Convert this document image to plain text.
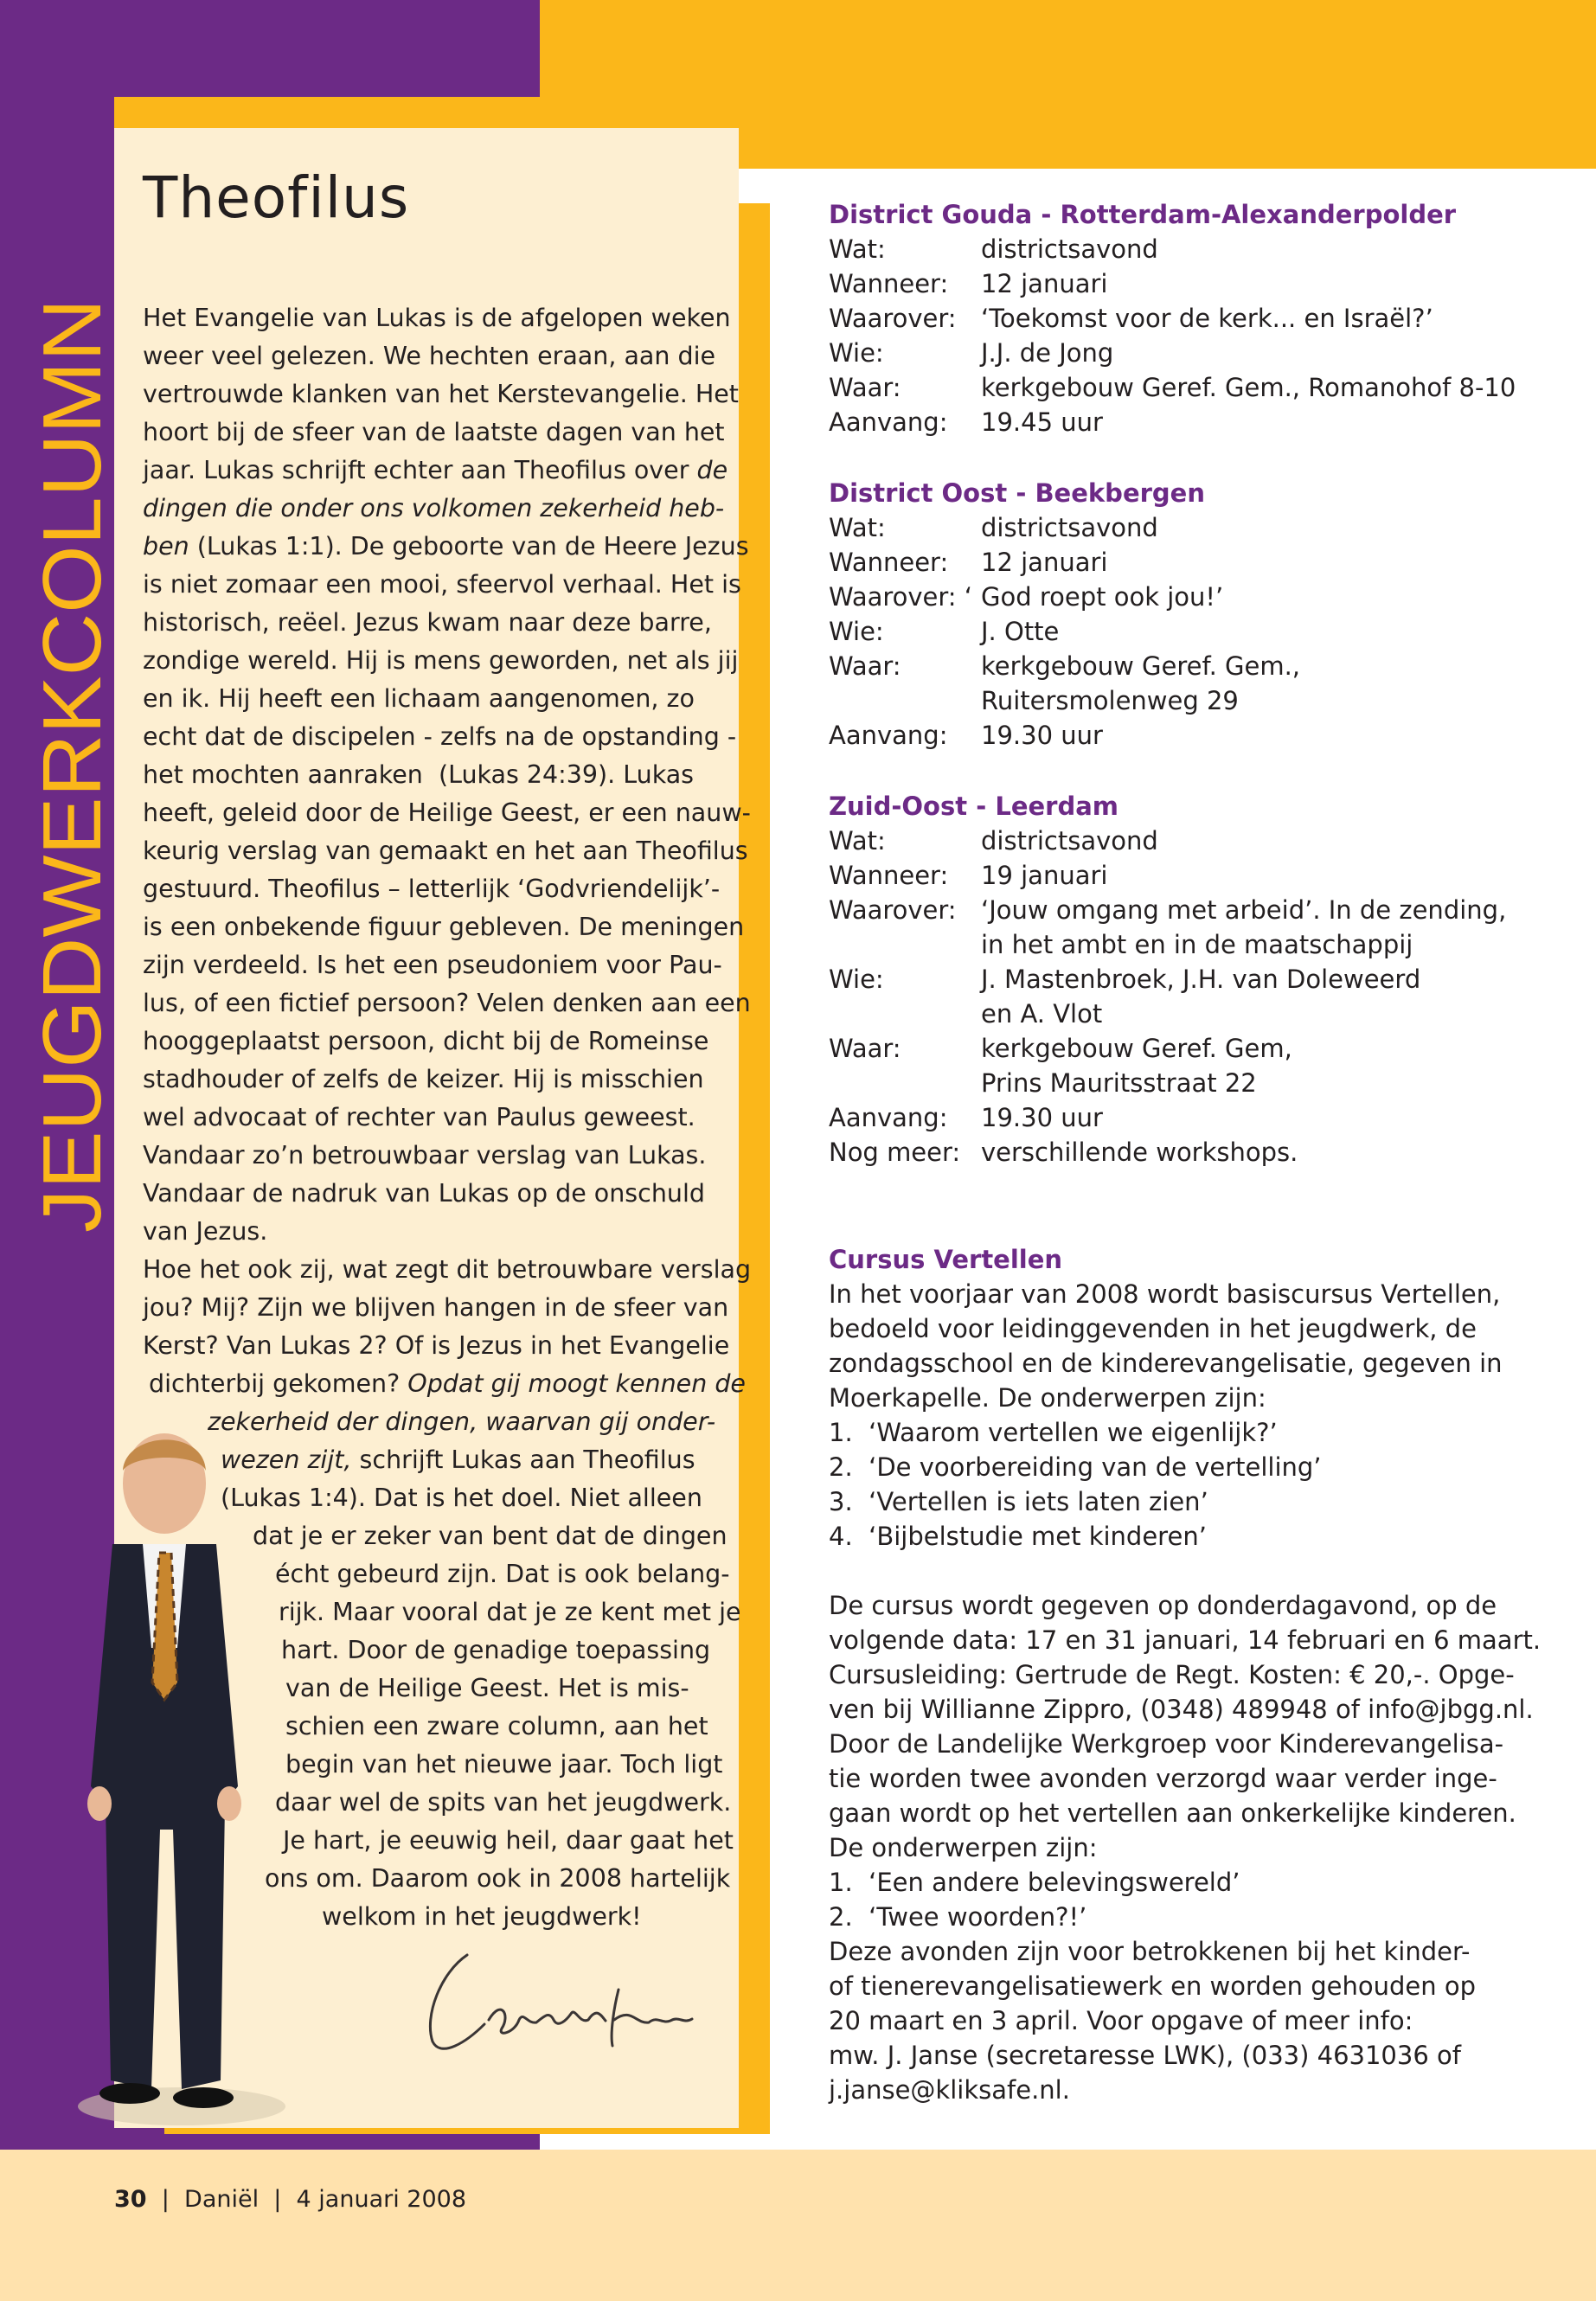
JEUGDWERKCOLUMN
Theofilus
Het Evangelie van Lukas is de afgelopen weken
weer veel gelezen. We hechten eraan, aan die
vertrouwde klanken van het Kerstevangelie. Het
hoort bij de sfeer van de laatste dagen van het
jaar. Lukas schrijft echter aan Theofilus over de
dingen die onder ons volkomen zekerheid heb-
ben (Lukas 1:1). De geboorte van de Heere Jezus
is niet zomaar een mooi, sfeervol verhaal. Het is
historisch, reëel. Jezus kwam naar deze barre,
zondige wereld. Hij is mens geworden, net als jij
en ik. Hij heeft een lichaam aangenomen, zo
echt dat de discipelen - zelfs na de opstanding -
het mochten aanraken  (Lukas 24:39). Lukas
heeft, geleid door de Heilige Geest, er een nauw-
keurig verslag van gemaakt en het aan Theofilus
gestuurd. Theofilus – letterlijk ‘Godvriendelijk’-
is een onbekende figuur gebleven. De meningen
zijn verdeeld. Is het een pseudoniem voor Pau-
lus, of een fictief persoon? Velen denken aan een
hooggeplaatst persoon, dicht bij de Romeinse
stadhouder of zelfs de keizer. Hij is misschien
wel advocaat of rechter van Paulus geweest.
Vandaar zo’n betrouwbaar verslag van Lukas.
Vandaar de nadruk van Lukas op de onschuld
van Jezus.
Hoe het ook zij, wat zegt dit betrouwbare verslag
jou? Mij? Zijn we blijven hangen in de sfeer van
Kerst? Van Lukas 2? Of is Jezus in het Evangelie
dichterbij gekomen? Opdat gij moogt kennen de
zekerheid der dingen, waarvan gij onder-
wezen zijt, schrijft Lukas aan Theofilus
(Lukas 1:4). Dat is het doel. Niet alleen
dat je er zeker van bent dat de dingen
écht gebeurd zijn. Dat is ook belang-
rijk. Maar vooral dat je ze kent met je
hart. Door de genadige toepassing
van de Heilige Geest. Het is mis-
schien een zware column, aan het
begin van het nieuwe jaar. Toch ligt
daar wel de spits van het jeugdwerk.
Je hart, je eeuwig heil, daar gaat het
ons om. Daarom ook in 2008 hartelijk
welkom in het jeugdwerk!
District Gouda - Rotterdam-Alexanderpolder
Wat:	districtsavond
Wanneer: 12 januari
Waarover: ‘Toekomst voor de kerk... en Israël?’
Wie:	J.J. de Jong
Waar:	kerkgebouw Geref. Gem., Romanohof 8-10
Aanvang: 19.45 uur
District Oost - Beekbergen
Wat:	districtsavond
Wanneer: 12 januari
Waarover: ‘ God roept ook jou!’
Wie:	J. Otte
Waar:	kerkgebouw Geref. Gem.,
Ruitersmolenweg 29
Aanvang: 19.30 uur
Zuid-Oost - Leerdam
Wat:	districtsavond
Wanneer: 19 januari
Waarover: ‘Jouw omgang met arbeid’. In de zending,
in het ambt en in de maatschappij
Wie:	J. Mastenbroek, J.H. van Doleweerd
en A. Vlot
Waar:	kerkgebouw Geref. Gem,
Prins Mauritsstraat 22
Aanvang: 19.30 uur
Nog meer: verschillende workshops.
Cursus Vertellen
In het voorjaar van 2008 wordt basiscursus Vertellen,
bedoeld voor leidinggevenden in het jeugdwerk, de
zondagsschool en de kinderevangelisatie, gegeven in
Moerkapelle. De onderwerpen zijn:
1.  ‘Waarom vertellen we eigenlijk?’
2.  ‘De voorbereiding van de vertelling’
3.  ‘Vertellen is iets laten zien’
4.  ‘Bijbelstudie met kinderen’
De cursus wordt gegeven op donderdagavond, op de
volgende data: 17 en 31 januari, 14 februari en 6 maart.
Cursusleiding: Gertrude de Regt. Kosten: € 20,-. Opge-
ven bij Willianne Zippro, (0348) 489948 of info@jbgg.nl.
Door de Landelijke Werkgroep voor Kinderevangelisa-
tie worden twee avonden verzorgd waar verder inge-
gaan wordt op het vertellen aan onkerkelijke kinderen.
De onderwerpen zijn:
1.  ‘Een andere belevingswereld’
2.  ‘Twee woorden?!’
Deze avonden zijn voor betrokkenen bij het kinder-
of tienerevangelisatiewerk en worden gehouden op
20 maart en 3 april. Voor opgave of meer info:
mw. J. Janse (secretaresse LWK), (033) 4631036 of
j.janse@kliksafe.nl.
30 | Daniël | 4 januari 2008
